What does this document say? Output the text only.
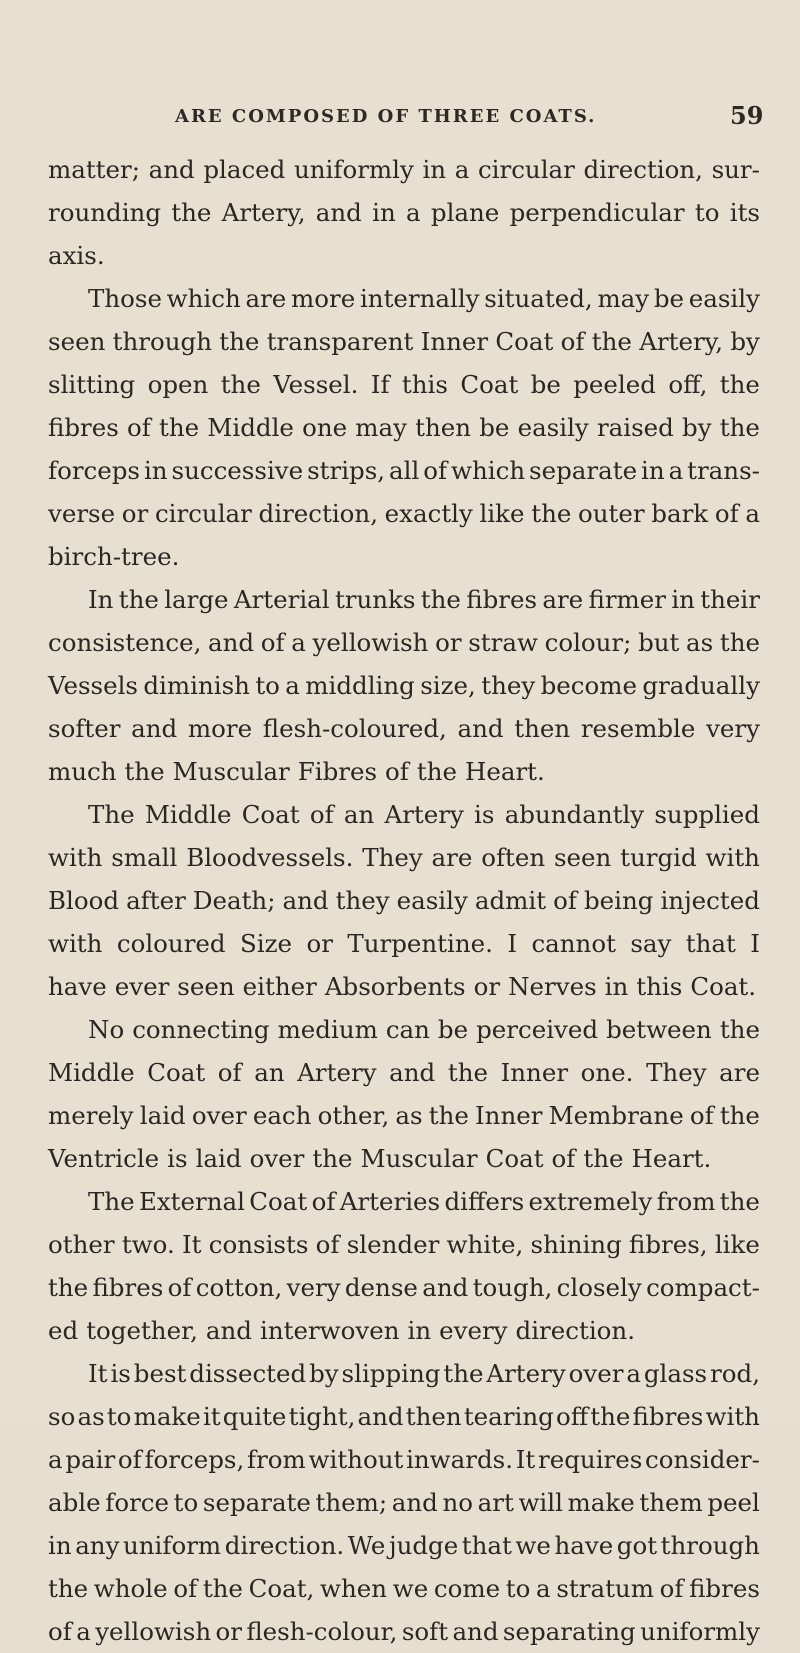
ARE COMPOSED OF THREE COATS.	59
matter; and placed uniformly in a circular direction, sur-
rounding the Artery, and in a plane perpendicular to its
axis.
Those which are more internally situated, may be easily
seen through the transparent Inner Coat of the Artery, by
slitting open the Vessel. If this Coat be peeled off, the
fibres of the Middle one may then be easily raised by the
forceps in successive strips, all of which separate in a trans-
verse or circular direction, exactly like the outer bark of a
birch-tree.
In the large Arterial trunks the fibres are firmer in their
consistence, and of a yellowish or straw colour; but as the
Vessels diminish to a middling size, they become gradually
softer and more flesh-coloured, and then resemble very
much the Muscular Fibres of the Heart.
The Middle Coat of an Artery is abundantly supplied
with small Bloodvessels. They are often seen turgid with
Blood after Death; and they easily admit of being injected
with coloured Size or Turpentine. I cannot say that I
have ever seen either Absorbents or Nerves in this Coat.
No connecting medium can be perceived between the
Middle Coat of an Artery and the Inner one. They are
merely laid over each other, as the Inner Membrane of the
Ventricle is laid over the Muscular Coat of the Heart.
The External Coat of Arteries differs extremely from the
other two. It consists of slender white, shining fibres, like
the fibres of cotton, very dense and tough, closely compact-
ed together, and interwoven in every direction.
It is best dissected by slipping the Artery over a glass rod,
so as to make it quite tight, and then tearing off the fibres with
a pair of forceps, from without inwards. It requires consider-
able force to separate them; and no art will make them peel
in any uniform direction. We judge that we have got through
the whole of the Coat, when we come to a stratum of fibres
of a yellowish or flesh-colour, soft and separating uniformly
